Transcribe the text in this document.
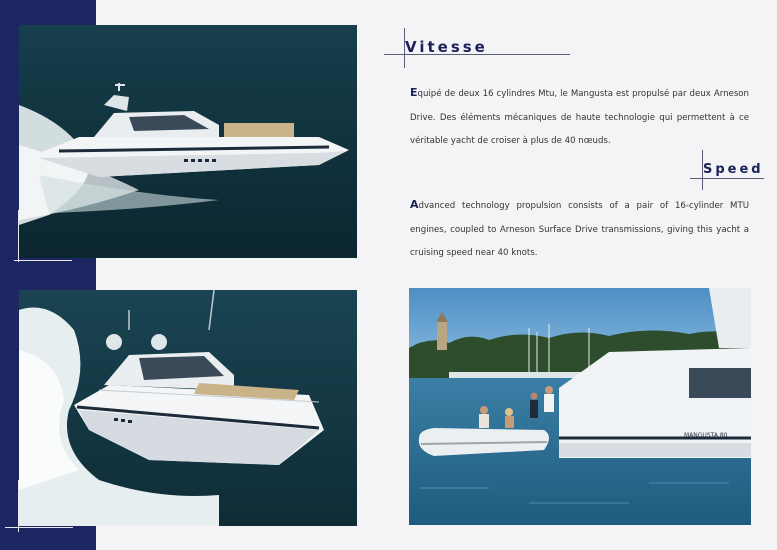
MANGUSTA 80
Vitesse
Equipé de deux 16 cylindres Mtu, le Mangusta est propulsé par deux Arneson Drive. Des éléments mécaniques de haute technologie qui permettent à ce véritable yacht de croiser à plus de 40 nœuds.
Speed
Advanced technology propulsion consists of a pair of 16-cylinder MTU engines, coupled to Arneson Surface Drive transmissions, giving this yacht a cruising speed near 40 knots.
